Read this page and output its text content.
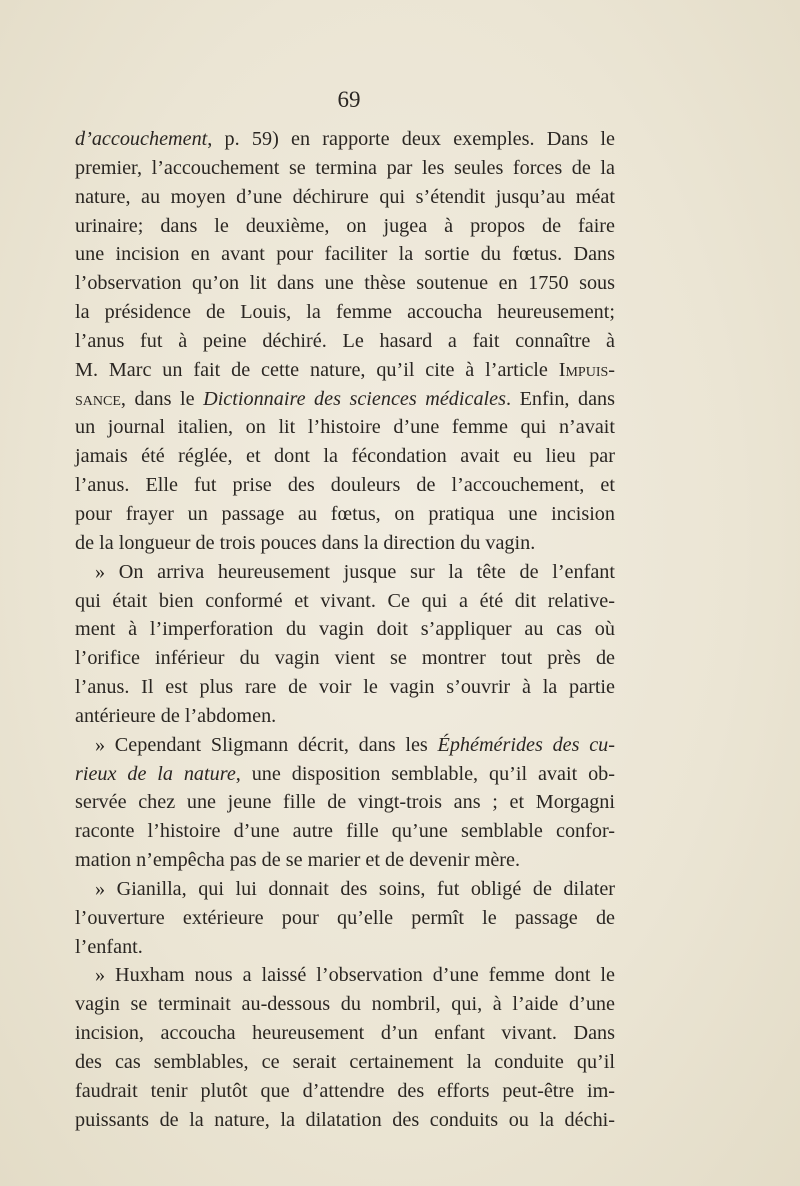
69
d’accouchement, p. 59) en rapporte deux exemples. Dans le
premier, l’accouchement se termina par les seules forces de la
nature, au moyen d’une déchirure qui s’étendit jusqu’au méat
urinaire; dans le deuxième, on jugea à propos de faire
une incision en avant pour faciliter la sortie du fœtus. Dans
l’observation qu’on lit dans une thèse soutenue en 1750 sous
la présidence de Louis, la femme accoucha heureusement;
l’anus fut à peine déchiré. Le hasard a fait connaître à
M. Marc un fait de cette nature, qu’il cite à l’article Impuis-
sance, dans le Dictionnaire des sciences médicales. Enfin, dans
un journal italien, on lit l’histoire d’une femme qui n’avait
jamais été réglée, et dont la fécondation avait eu lieu par
l’anus. Elle fut prise des douleurs de l’accouchement, et
pour frayer un passage au fœtus, on pratiqua une incision
de la longueur de trois pouces dans la direction du vagin.
» On arriva heureusement jusque sur la tête de l’enfant
qui était bien conformé et vivant. Ce qui a été dit relative-
ment à l’imperforation du vagin doit s’appliquer au cas où
l’orifice inférieur du vagin vient se montrer tout près de
l’anus. Il est plus rare de voir le vagin s’ouvrir à la partie
antérieure de l’abdomen.
» Cependant Sligmann décrit, dans les Éphémérides des cu-
rieux de la nature, une disposition semblable, qu’il avait ob-
servée chez une jeune fille de vingt-trois ans ; et Morgagni
raconte l’histoire d’une autre fille qu’une semblable confor-
mation n’empêcha pas de se marier et de devenir mère.
» Gianilla, qui lui donnait des soins, fut obligé de dilater
l’ouverture extérieure pour qu’elle permît le passage de
l’enfant.
» Huxham nous a laissé l’observation d’une femme dont le
vagin se terminait au-dessous du nombril, qui, à l’aide d’une
incision, accoucha heureusement d’un enfant vivant. Dans
des cas semblables, ce serait certainement la conduite qu’il
faudrait tenir plutôt que d’attendre des efforts peut-être im-
puissants de la nature, la dilatation des conduits ou la déchi-
